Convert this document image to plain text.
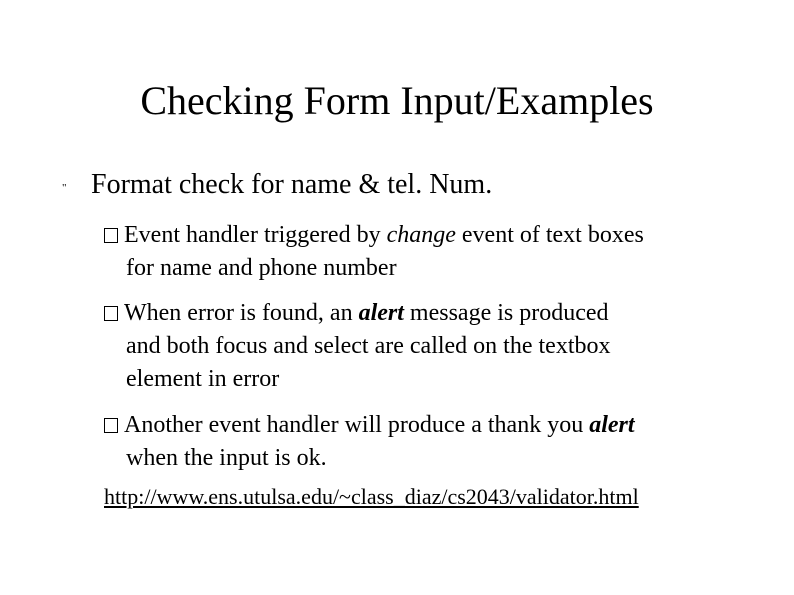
Checking Form Input/Examples
" Format check for name & tel. Num.
Event handler triggered by change event of text boxes
for name and phone number
When error is found, an alert message is produced
and both focus and select are called on the textbox
element in error
Another event handler will produce a thank you alert
when the input is ok.
http://www.ens.utulsa.edu/~class_diaz/cs2043/validator.html
